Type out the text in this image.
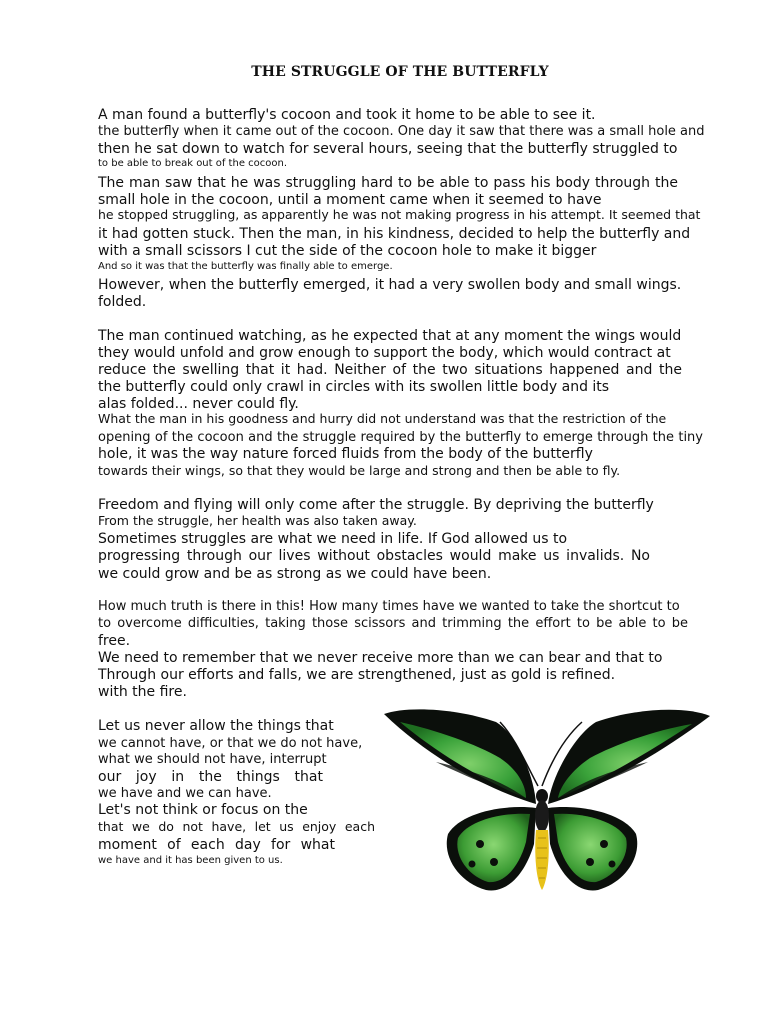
THE STRUGGLE OF THE BUTTERFLY
A man found a butterfly's cocoon and took it home to be able to see it.
the butterfly when it came out of the cocoon. One day it saw that there was a small hole and
then he sat down to watch for several hours, seeing that the butterfly struggled to
to be able to break out of the cocoon.
The man saw that he was struggling hard to be able to pass his body through the
small hole in the cocoon, until a moment came when it seemed to have
he stopped struggling, as apparently he was not making progress in his attempt. It seemed that
it had gotten stuck. Then the man, in his kindness, decided to help the butterfly and
with a small scissors I cut the side of the cocoon hole to make it bigger
And so it was that the butterfly was finally able to emerge.
However, when the butterfly emerged, it had a very swollen body and small wings.
folded.
The man continued watching, as he expected that at any moment the wings would
they would unfold and grow enough to support the body, which would contract at
reduce the swelling that it had. Neither of the two situations happened and the
the butterfly could only crawl in circles with its swollen little body and its
alas folded... never could fly.
What the man in his goodness and hurry did not understand was that the restriction of the
opening of the cocoon and the struggle required by the butterfly to emerge through the tiny
hole, it was the way nature forced fluids from the body of the butterfly
towards their wings, so that they would be large and strong and then be able to fly.
Freedom and flying will only come after the struggle. By depriving the butterfly
From the struggle, her health was also taken away.
Sometimes struggles are what we need in life. If God allowed us to
progressing through our lives without obstacles would make us invalids. No
we could grow and be as strong as we could have been.
How much truth is there in this! How many times have we wanted to take the shortcut to
to overcome difficulties, taking those scissors and trimming the effort to be able to be
free.
We need to remember that we never receive more than we can bear and that to
Through our efforts and falls, we are strengthened, just as gold is refined.
with the fire.
Let us never allow the things that
we cannot have, or that we do not have,
what we should not have, interrupt
our joy in the things that
we have and we can have.
Let's not think or focus on the
that we do not have, let us enjoy each
moment of each day for what
we have and it has been given to us.
